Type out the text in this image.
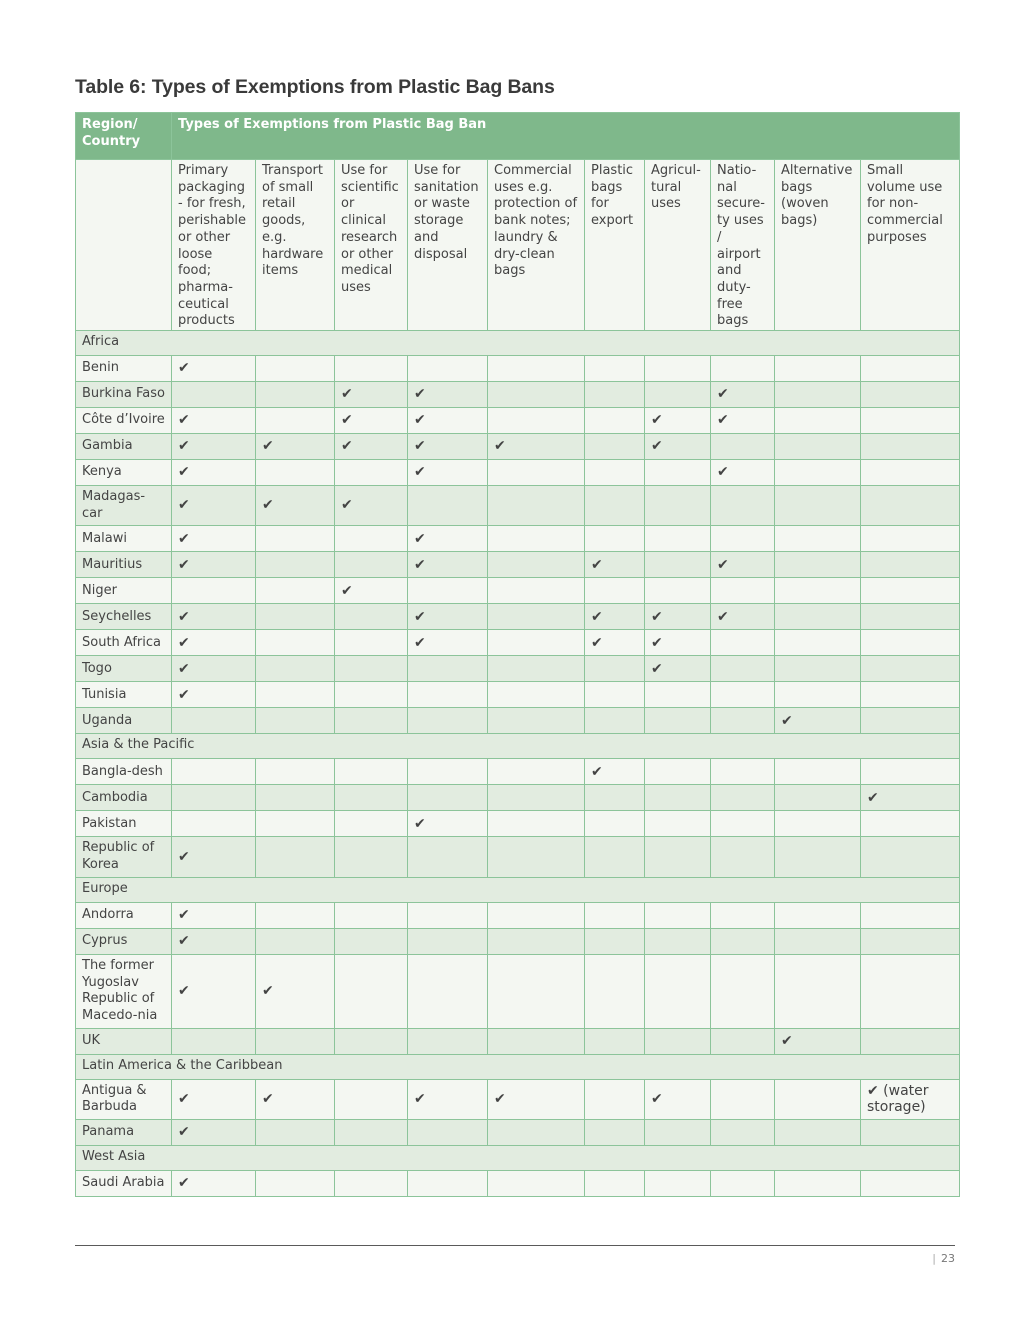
Table 6: Types of Exemptions from Plastic Bag Bans
Region/ Country	Types of Exemptions from Plastic Bag Ban									
	Primary packaging - for fresh, perishable or other loose food; pharma-ceutical products	Transport of small retail goods, e.g. hardware items	Use for scientific or clinical research or other medical uses	Use for sanitation or waste storage and disposal	Commercial uses e.g. protection of bank notes; laundry & dry-clean bags	Plastic bags for export	Agricul-tural uses	Natio-nal secure-ty uses / airport and duty-free bags	Alternative bags (woven bags)	Small volume use for non-commercial purposes
Africa										
Benin	✔									
Burkina Faso			✔	✔				✔		
Côte d’Ivoire	✔		✔	✔			✔	✔		
Gambia	✔	✔	✔	✔	✔		✔			
Kenya	✔			✔				✔		
Madagas-car	✔	✔	✔							
Malawi	✔			✔						
Mauritius	✔			✔		✔		✔		
Niger			✔							
Seychelles	✔			✔		✔	✔	✔		
South Africa	✔			✔		✔	✔			
Togo	✔						✔			
Tunisia	✔									
Uganda									✔	
Asia & the Pacific										
Bangla-desh						✔				
Cambodia										✔
Pakistan				✔						
Republic of Korea	✔									
Europe										
Andorra	✔									
Cyprus	✔									
The former Yugoslav Republic of Macedo-nia	✔	✔								
UK									✔	
Latin America & the Caribbean										
Antigua & Barbuda	✔	✔		✔	✔		✔			✔ (water storage)
Panama	✔									
West Asia										
Saudi Arabia	✔									
| 23
